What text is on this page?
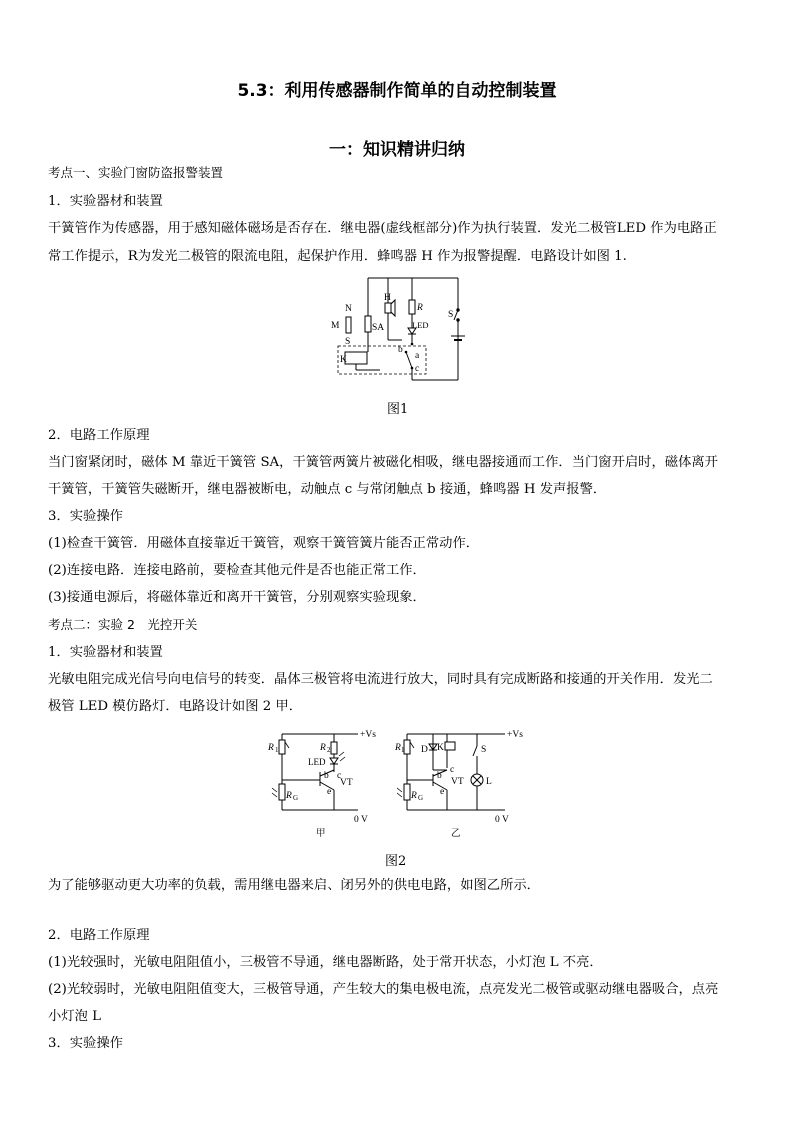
5.3：利用传感器制作简单的自动控制装置
一：知识精讲归纳
考点一、实验门窗防盗报警装置
1．实验器材和装置
干簧管作为传感器，用于感知磁体磁场是否存在．继电器(虚线框部分)作为执行装置．发光二极管LED 作为电路正
常工作提示，R为发光二极管的限流电阻，起保护作用．蜂鸣器 H 作为报警提醒．电路设计如图 1.
N
M
S
SA
H
R
LED
S
K	a
b
c
图1
2．电路工作原理
当门窗紧闭时，磁体 M 靠近干簧管 SA，干簧管两簧片被磁化相吸，继电器接通而工作．当门窗开启时，磁体离开
干簧管，干簧管失磁断开，继电器被断电，动触点 c 与常闭触点 b 接通，蜂鸣器 H 发声报警．
3．实验操作
(1)检查干簧管．用磁体直接靠近干簧管，观察干簧管簧片能否正常动作．
(2)连接电路．连接电路前，要检查其他元件是否也能正常工作．
(3)接通电源后，将磁体靠近和离开干簧管，分别观察实验现象．
考点二：实验 2　光控开关
1．实验器材和装置
光敏电阻完成光信号向电信号的转变．晶体三极管将电流进行放大，同时具有完成断路和接通的开关作用．发光二
极管 LED 模仿路灯．电路设计如图 2 甲．
+Vs
R 1	R 2
LED
b c
VT
e
R G
0 V
甲
+Vs
R 1 D K	S
b
c
VT
e
L
R G
0 V
乙
图2
为了能够驱动更大功率的负载，需用继电器来启、闭另外的供电电路，如图乙所示．
2．电路工作原理
(1)光较强时，光敏电阻阻值小，三极管不导通，继电器断路，处于常开状态，小灯泡 L 不亮．
(2)光较弱时，光敏电阻阻值变大，三极管导通，产生较大的集电极电流，点亮发光二极管或驱动继电器吸合，点亮
小灯泡 L
3．实验操作
